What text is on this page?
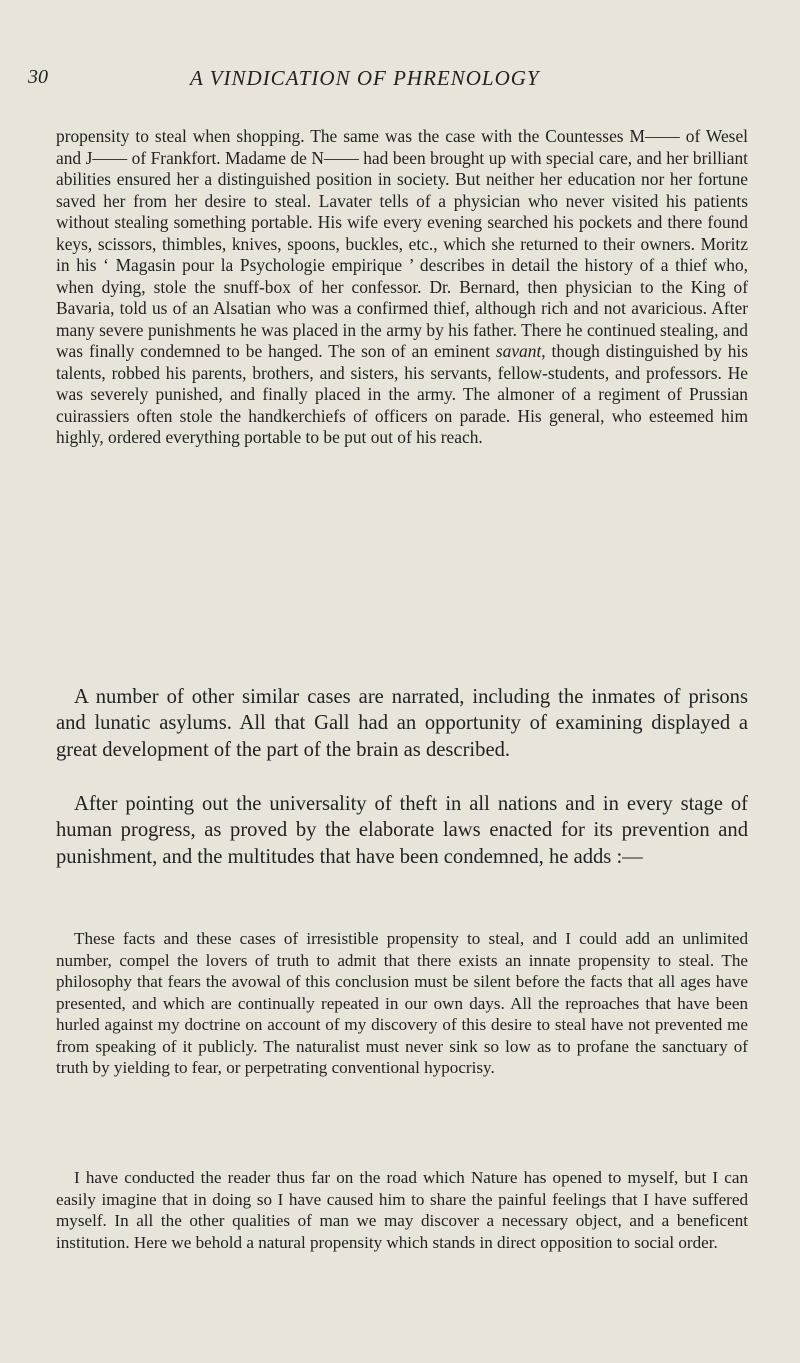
30	A VINDICATION OF PHRENOLOGY

propensity to steal when shopping. The same was the case with the Countesses M—— of Wesel and J—— of Frankfort. Madame de N—— had been brought up with special care, and her brilliant abilities ensured her a distinguished position in society. But neither her education nor her fortune saved her from her desire to steal. Lavater tells of a physician who never visited his patients without stealing something portable. His wife every evening searched his pockets and there found keys, scissors, thimbles, knives, spoons, buckles, etc., which she returned to their owners. Moritz in his ‘ Magasin pour la Psychologie empirique ’ describes in detail the history of a thief who, when dying, stole the snuff-box of her confessor. Dr. Bernard, then physician to the King of Bavaria, told us of an Alsatian who was a confirmed thief, although rich and not avaricious. After many severe punishments he was placed in the army by his father. There he continued stealing, and was finally condemned to be hanged. The son of an eminent savant, though distinguished by his talents, robbed his parents, brothers, and sisters, his servants, fellow-students, and professors. He was severely punished, and finally placed in the army. The almoner of a regiment of Prussian cuirassiers often stole the handkerchiefs of officers on parade. His general, who esteemed him highly, ordered everything portable to be put out of his reach.

A number of other similar cases are narrated, including the inmates of prisons and lunatic asylums. All that Gall had an opportunity of examining displayed a great development of the part of the brain as described.

After pointing out the universality of theft in all nations and in every stage of human progress, as proved by the elaborate laws enacted for its prevention and punishment, and the multitudes that have been condemned, he adds :—

These facts and these cases of irresistible propensity to steal, and I could add an unlimited number, compel the lovers of truth to admit that there exists an innate propensity to steal. The philosophy that fears the avowal of this conclusion must be silent before the facts that all ages have presented, and which are continually repeated in our own days. All the reproaches that have been hurled against my doctrine on account of my discovery of this desire to steal have not prevented me from speaking of it publicly. The naturalist must never sink so low as to profane the sanctuary of truth by yielding to fear, or perpetrating conventional hypocrisy.

I have conducted the reader thus far on the road which Nature has opened to myself, but I can easily imagine that in doing so I have caused him to share the painful feelings that I have suffered myself. In all the other qualities of man we may discover a necessary object, and a beneficent institution. Here we behold a natural propensity which stands in direct opposition to social order.
